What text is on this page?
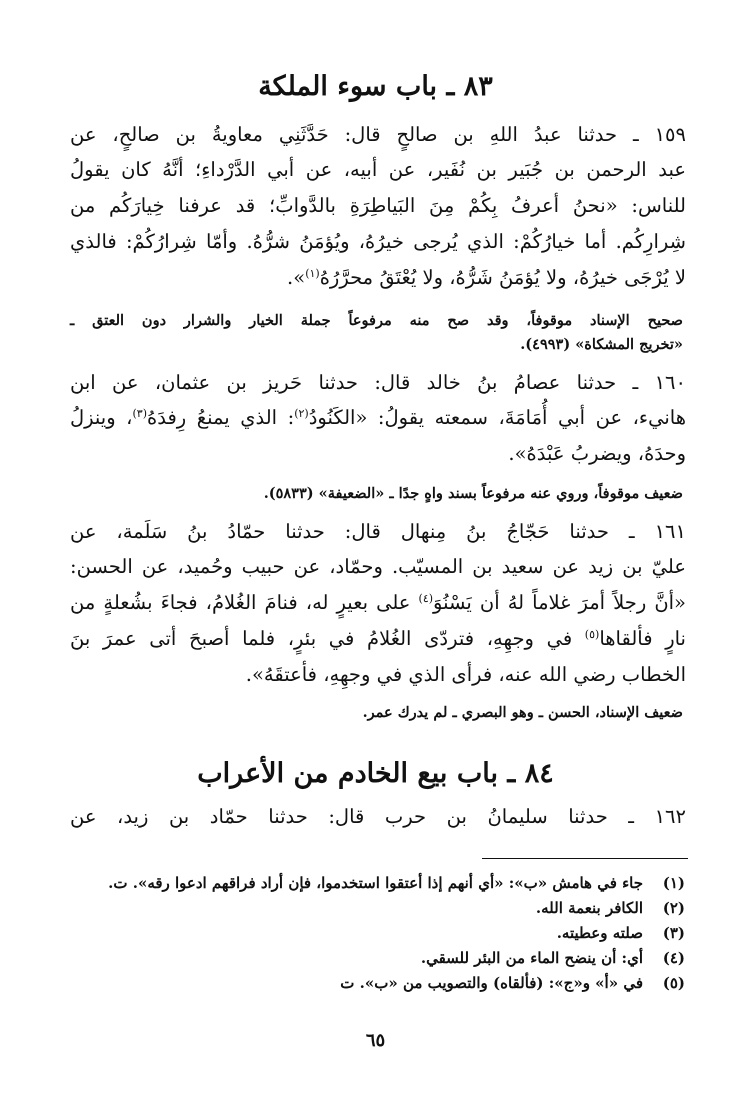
٨٣ ـ باب سوء الملكة
١٥٩ ـ حدثنا عبدُ اللهِ بن صالحٍ قال: حَدَّثَنِي معاويةُ بن صالحٍ، عن
عبد الرحمن بن جُبَير بن نُفَير، عن أبيه، عن أبي الدَّرْداءِ؛ أنَّهُ كان يقولُ
للناس: «نحنُ أعرفُ بِكُمْ مِنَ البَياطِرَةِ بالدَّوابِّ؛ قد عرفنا خِيارَكُم من
شِرارِكُم. أما خيارُكُمْ: الذي يُرجى خيرُهُ، ويُؤمَنُ شرُّهُ. وأمّا شِرارُكُمْ: فالذي
لا يُرْجَى خيرُهُ، ولا يُؤمَنُ شَرُّهُ، ولا يُعْتَقُ محرَّرُهُ$^{(١)}$».
صحيح الإسناد موقوفاً، وقد صح منه مرفوعاً جملة الخيار والشرار دون العتق ـ
«تخريج المشكاة» (٤٩٩٣).
١٦٠ ـ حدثنا عصامُ بنُ خالد قال: حدثنا حَريز بن عثمان، عن ابن
هانيء، عن أبي أُمَامَةَ، سمعته يقولُ: «الكَنُودُ$^{(٢)}$: الذي يمنعُ رِفدَهُ$^{(٣)}$، وينزلُ
وحدَهُ، ويضربُ عَبْدَهُ».
ضعيف موقوفاً، وروي عنه مرفوعاً بسند واهٍ جدًا ـ «الضعيفة» (٥٨٣٣).
١٦١ ـ حدثنا حَجّاجُ بنُ مِنهال قال: حدثنا حمّادُ بنُ سَلَمة، عن
عليّ بن زيد عن سعيد بن المسيّب. وحمّاد، عن حبيب وحُميد، عن الحسن:
«أنَّ رجلاً أمرَ غلاماً لهُ أن يَسْنُوَ$^{(٤)}$ على بعيرٍ له، فنامَ الغُلامُ، فجاءَ بشُعلةٍ من
نارٍ فألقاها$^{(٥)}$ في وجهِهِ، فتردّى الغُلامُ في بئرٍ، فلما أصبحَ أتى عمرَ بنَ
الخطاب رضي الله عنه، فرأى الذي في وجهِهِ، فأعتقَهُ».
ضعيف الإسناد، الحسن ـ وهو البصري ـ لم يدرك عمر.
٨٤ ـ باب بيع الخادم من الأعراب
١٦٢ ـ حدثنا سليمانُ بن حرب قال: حدثنا حمّاد بن زيد، عن
(١)جاء في هامش «ب»: «أي أنهم إذا أعتقوا استخدموا، فإن أراد فراقهم ادعوا رقه». ت.
(٢)الكافر بنعمة الله.
(٣)صلته وعطيته.
(٤)أي: أن ينضح الماء من البئر للسقي.
(٥)في «أ» و«ج»: (فألقاه) والتصويب من «ب». ت
٦٥
